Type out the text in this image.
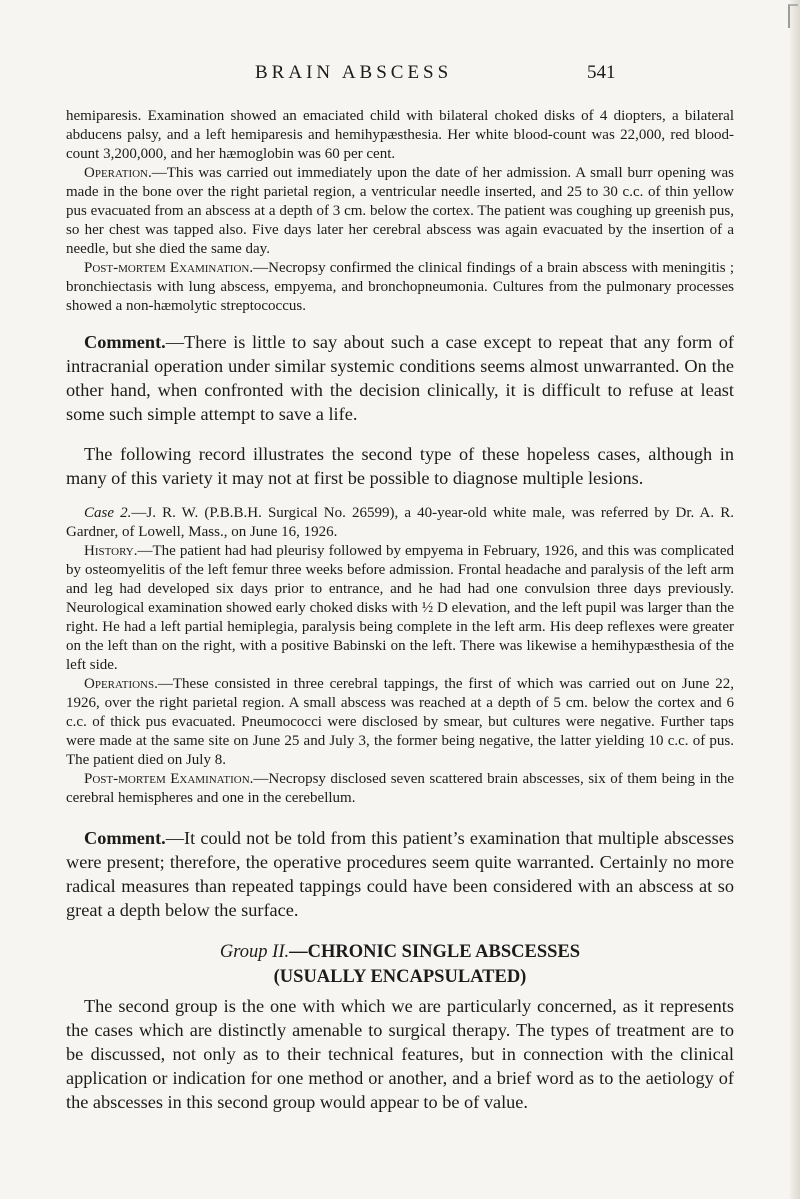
BRAIN ABSCESS	541

hemiparesis. Examination showed an emaciated child with bilateral choked disks of 4 diopters, a bilateral abducens palsy, and a left hemiparesis and hemihypæsthesia. Her white blood-count was 22,000, red blood-count 3,200,000, and her hæmoglobin was 60 per cent.

Operation.—This was carried out immediately upon the date of her admission. A small burr opening was made in the bone over the right parietal region, a ventricular needle inserted, and 25 to 30 c.c. of thin yellow pus evacuated from an abscess at a depth of 3 cm. below the cortex. The patient was coughing up greenish pus, so her chest was tapped also. Five days later her cerebral abscess was again evacuated by the insertion of a needle, but she died the same day.

Post-mortem Examination.—Necropsy confirmed the clinical findings of a brain abscess with meningitis ; bronchiectasis with lung abscess, empyema, and bronchopneumonia. Cultures from the pulmonary processes showed a non-hæmolytic streptococcus.

Comment.—There is little to say about such a case except to repeat that any form of intracranial operation under similar systemic conditions seems almost unwarranted. On the other hand, when confronted with the decision clinically, it is difficult to refuse at least some such simple attempt to save a life.

The following record illustrates the second type of these hopeless cases, although in many of this variety it may not at first be possible to diagnose multiple lesions.

Case 2.—J. R. W. (P.B.B.H. Surgical No. 26599), a 40-year-old white male, was referred by Dr. A. R. Gardner, of Lowell, Mass., on June 16, 1926.

History.—The patient had had pleurisy followed by empyema in February, 1926, and this was complicated by osteomyelitis of the left femur three weeks before admission. Frontal headache and paralysis of the left arm and leg had developed six days prior to entrance, and he had had one convulsion three days previously. Neurological examination showed early choked disks with ½ D elevation, and the left pupil was larger than the right. He had a left partial hemiplegia, paralysis being complete in the left arm. His deep reflexes were greater on the left than on the right, with a positive Babinski on the left. There was likewise a hemihypæsthesia of the left side.

Operations.—These consisted in three cerebral tappings, the first of which was carried out on June 22, 1926, over the right parietal region. A small abscess was reached at a depth of 5 cm. below the cortex and 6 c.c. of thick pus evacuated. Pneumococci were disclosed by smear, but cultures were negative. Further taps were made at the same site on June 25 and July 3, the former being negative, the latter yielding 10 c.c. of pus. The patient died on July 8.

Post-mortem Examination.—Necropsy disclosed seven scattered brain abscesses, six of them being in the cerebral hemispheres and one in the cerebellum.

Comment.—It could not be told from this patient’s examination that multiple abscesses were present; therefore, the operative procedures seem quite warranted. Certainly no more radical measures than repeated tappings could have been considered with an abscess at so great a depth below the surface.

Group II.—CHRONIC SINGLE ABSCESSES
(USUALLY ENCAPSULATED)

The second group is the one with which we are particularly concerned, as it represents the cases which are distinctly amenable to surgical therapy. The types of treatment are to be discussed, not only as to their technical features, but in connection with the clinical application or indication for one method or another, and a brief word as to the aetiology of the abscesses in this second group would appear to be of value.
